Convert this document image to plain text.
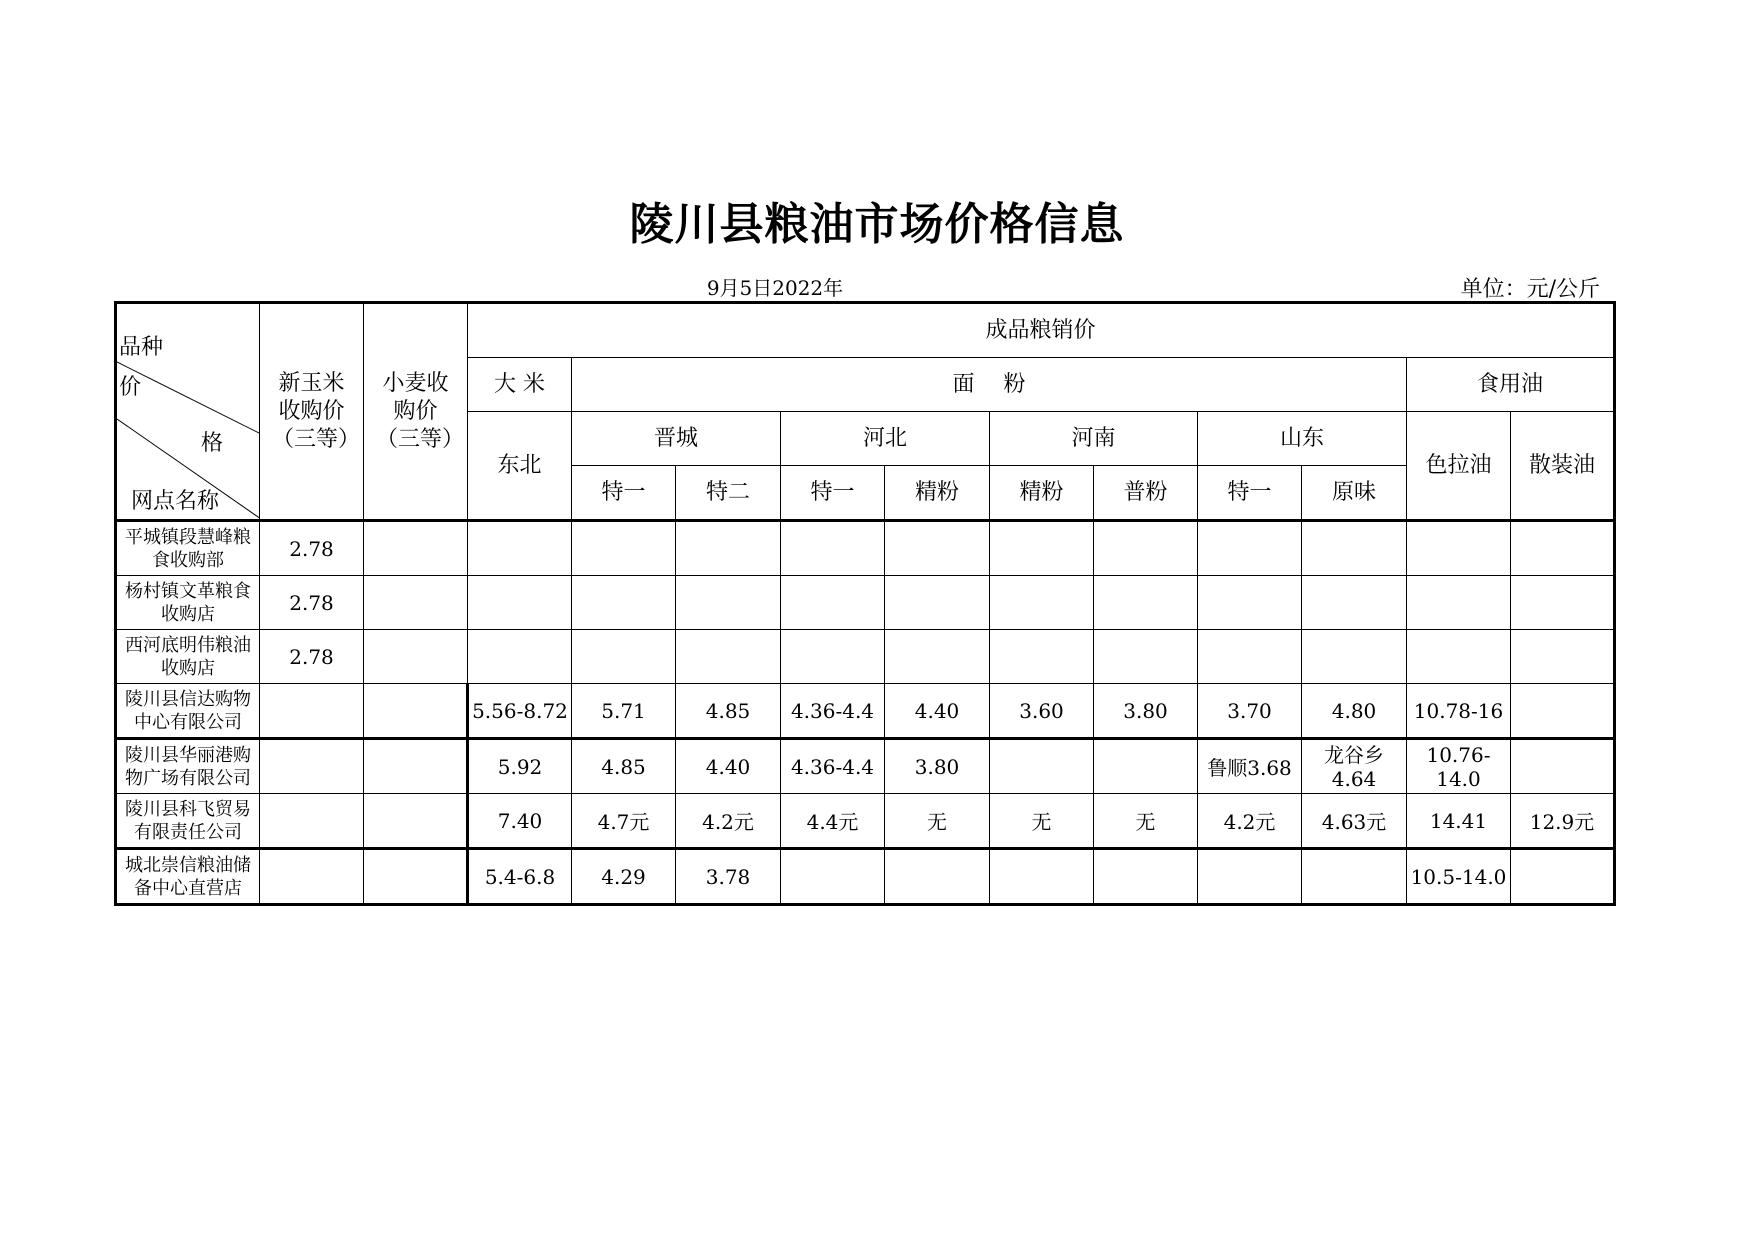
陵川县粮油市场价格信息
9月5日2022年	单位：元/公斤
品种
价
格
网点名称	新玉米收购价（三等）	小麦收购价（三等）	成品粮销价										
			大 米	面　 粉								食用油	
			东北	晋城		河北		河南		山东		色拉油	散装油
				特一	特二	特一	精粉	精粉	普粉	特一	原味		
平城镇段慧峰粮食收购部	2.78												
杨村镇文革粮食收购店	2.78												
西河底明伟粮油收购店	2.78												
陵川县信达购物中心有限公司			5.56-8.72	5.71	4.85	4.36-4.4	4.40	3.60	3.80	3.70	4.80	10.78-16	
陵川县华丽港购物广场有限公司			5.92	4.85	4.40	4.36-4.4	3.80			鲁顺3.68	龙谷乡4.64	10.76-14.0	
陵川县科飞贸易有限责任公司			7.40	4.7元	4.2元	4.4元	无	无	无	4.2元	4.63元	14.41	12.9元
城北崇信粮油储备中心直营店			5.4-6.8	4.29	3.78							10.5-14.0	
